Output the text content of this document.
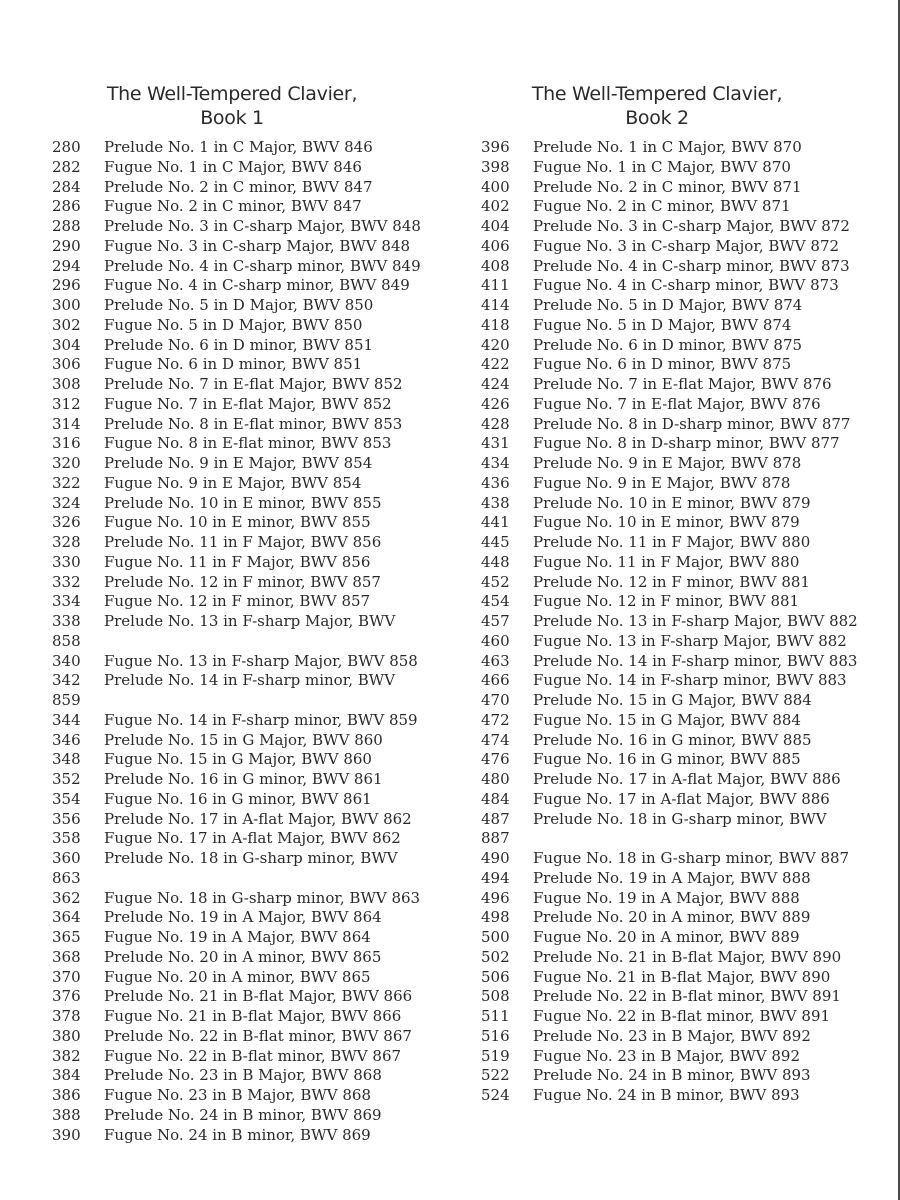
The Well-Tempered Clavier,
Book 1
280 Prelude No. 1 in C Major, BWV 846
282 Fugue No. 1 in C Major, BWV 846
284 Prelude No. 2 in C minor, BWV 847
286 Fugue No. 2 in C minor, BWV 847
288 Prelude No. 3 in C-sharp Major, BWV 848
290 Fugue No. 3 in C-sharp Major, BWV 848
294 Prelude No. 4 in C-sharp minor, BWV 849
296 Fugue No. 4 in C-sharp minor, BWV 849
300 Prelude No. 5 in D Major, BWV 850
302 Fugue No. 5 in D Major, BWV 850
304 Prelude No. 6 in D minor, BWV 851
306 Fugue No. 6 in D minor, BWV 851
308 Prelude No. 7 in E-flat Major, BWV 852
312 Fugue No. 7 in E-flat Major, BWV 852
314 Prelude No. 8 in E-flat minor, BWV 853
316 Fugue No. 8 in E-flat minor, BWV 853
320 Prelude No. 9 in E Major, BWV 854
322 Fugue No. 9 in E Major, BWV 854
324 Prelude No. 10 in E minor, BWV 855
326 Fugue No. 10 in E minor, BWV 855
328 Prelude No. 11 in F Major, BWV 856
330 Fugue No. 11 in F Major, BWV 856
332 Prelude No. 12 in F minor, BWV 857
334 Fugue No. 12 in F minor, BWV 857
338 Prelude No. 13 in F-sharp Major, BWV
858
340 Fugue No. 13 in F-sharp Major, BWV 858
342 Prelude No. 14 in F-sharp minor, BWV
859
344 Fugue No. 14 in F-sharp minor, BWV 859
346 Prelude No. 15 in G Major, BWV 860
348 Fugue No. 15 in G Major, BWV 860
352 Prelude No. 16 in G minor, BWV 861
354 Fugue No. 16 in G minor, BWV 861
356 Prelude No. 17 in A-flat Major, BWV 862
358 Fugue No. 17 in A-flat Major, BWV 862
360 Prelude No. 18 in G-sharp minor, BWV
863
362 Fugue No. 18 in G-sharp minor, BWV 863
364 Prelude No. 19 in A Major, BWV 864
365 Fugue No. 19 in A Major, BWV 864
368 Prelude No. 20 in A minor, BWV 865
370 Fugue No. 20 in A minor, BWV 865
376 Prelude No. 21 in B-flat Major, BWV 866
378 Fugue No. 21 in B-flat Major, BWV 866
380 Prelude No. 22 in B-flat minor, BWV 867
382 Fugue No. 22 in B-flat minor, BWV 867
384 Prelude No. 23 in B Major, BWV 868
386 Fugue No. 23 in B Major, BWV 868
388 Prelude No. 24 in B minor, BWV 869
390 Fugue No. 24 in B minor, BWV 869
The Well-Tempered Clavier,
Book 2
396 Prelude No. 1 in C Major, BWV 870
398 Fugue No. 1 in C Major, BWV 870
400 Prelude No. 2 in C minor, BWV 871
402 Fugue No. 2 in C minor, BWV 871
404 Prelude No. 3 in C-sharp Major, BWV 872
406 Fugue No. 3 in C-sharp Major, BWV 872
408 Prelude No. 4 in C-sharp minor, BWV 873
411 Fugue No. 4 in C-sharp minor, BWV 873
414 Prelude No. 5 in D Major, BWV 874
418 Fugue No. 5 in D Major, BWV 874
420 Prelude No. 6 in D minor, BWV 875
422 Fugue No. 6 in D minor, BWV 875
424 Prelude No. 7 in E-flat Major, BWV 876
426 Fugue No. 7 in E-flat Major, BWV 876
428 Prelude No. 8 in D-sharp minor, BWV 877
431 Fugue No. 8 in D-sharp minor, BWV 877
434 Prelude No. 9 in E Major, BWV 878
436 Fugue No. 9 in E Major, BWV 878
438 Prelude No. 10 in E minor, BWV 879
441 Fugue No. 10 in E minor, BWV 879
445 Prelude No. 11 in F Major, BWV 880
448 Fugue No. 11 in F Major, BWV 880
452 Prelude No. 12 in F minor, BWV 881
454 Fugue No. 12 in F minor, BWV 881
457 Prelude No. 13 in F-sharp Major, BWV 882
460 Fugue No. 13 in F-sharp Major, BWV 882
463 Prelude No. 14 in F-sharp minor, BWV 883
466 Fugue No. 14 in F-sharp minor, BWV 883
470 Prelude No. 15 in G Major, BWV 884
472 Fugue No. 15 in G Major, BWV 884
474 Prelude No. 16 in G minor, BWV 885
476 Fugue No. 16 in G minor, BWV 885
480 Prelude No. 17 in A-flat Major, BWV 886
484 Fugue No. 17 in A-flat Major, BWV 886
487 Prelude No. 18 in G-sharp minor, BWV
887
490 Fugue No. 18 in G-sharp minor, BWV 887
494 Prelude No. 19 in A Major, BWV 888
496 Fugue No. 19 in A Major, BWV 888
498 Prelude No. 20 in A minor, BWV 889
500 Fugue No. 20 in A minor, BWV 889
502 Prelude No. 21 in B-flat Major, BWV 890
506 Fugue No. 21 in B-flat Major, BWV 890
508 Prelude No. 22 in B-flat minor, BWV 891
511 Fugue No. 22 in B-flat minor, BWV 891
516 Prelude No. 23 in B Major, BWV 892
519 Fugue No. 23 in B Major, BWV 892
522 Prelude No. 24 in B minor, BWV 893
524 Fugue No. 24 in B minor, BWV 893
